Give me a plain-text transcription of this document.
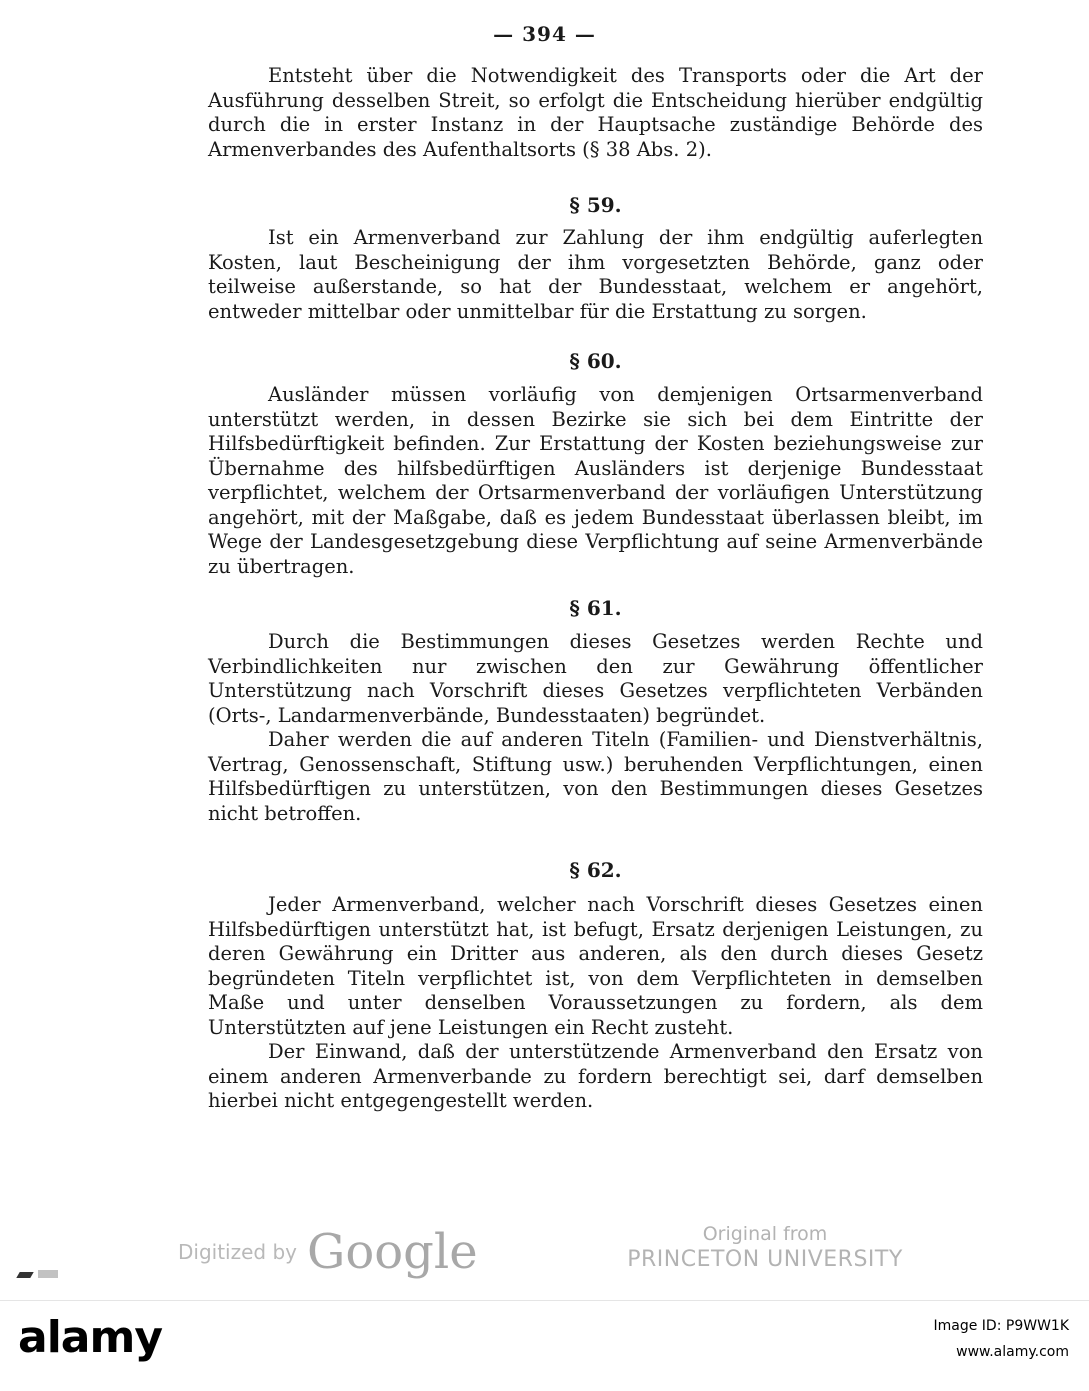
— 394 —

Entsteht über die Notwendigkeit des Transports oder die Art der Ausführung desselben Streit, so erfolgt die Entscheidung hierüber endgültig durch die in erster Instanz in der Hauptsache zuständige Behörde des Armenverbandes des Aufenthaltsorts (§ 38 Abs. 2).

§ 59.

Ist ein Armenverband zur Zahlung der ihm endgültig auferlegten Kosten, laut Bescheinigung der ihm vorgesetzten Behörde, ganz oder teilweise außerstande, so hat der Bundesstaat, welchem er angehört, entweder mittelbar oder unmittelbar für die Erstattung zu sorgen.

§ 60.

Ausländer müssen vorläufig von demjenigen Ortsarmenverband unterstützt werden, in dessen Bezirke sie sich bei dem Eintritte der Hilfsbedürftigkeit befinden. Zur Erstattung der Kosten beziehungsweise zur Übernahme des hilfsbedürftigen Ausländers ist derjenige Bundesstaat verpflichtet, welchem der Ortsarmenverband der vorläufigen Unterstützung angehört, mit der Maßgabe, daß es jedem Bundesstaat überlassen bleibt, im Wege der Landesgesetzgebung diese Verpflichtung auf seine Armenverbände zu übertragen.

§ 61.

Durch die Bestimmungen dieses Gesetzes werden Rechte und Verbindlichkeiten nur zwischen den zur Gewährung öffentlicher Unterstützung nach Vorschrift dieses Gesetzes verpflichteten Verbänden (Orts-, Landarmenverbände, Bundesstaaten) begründet.

Daher werden die auf anderen Titeln (Familien- und Dienstverhältnis, Vertrag, Genossenschaft, Stiftung usw.) beruhenden Verpflichtungen, einen Hilfsbedürftigen zu unterstützen, von den Bestimmungen dieses Gesetzes nicht betroffen.

§ 62.

Jeder Armenverband, welcher nach Vorschrift dieses Gesetzes einen Hilfsbedürftigen unterstützt hat, ist befugt, Ersatz derjenigen Leistungen, zu deren Gewährung ein Dritter aus anderen, als den durch dieses Gesetz begründeten Titeln verpflichtet ist, von dem Verpflichteten in demselben Maße und unter denselben Voraussetzungen zu fordern, als dem Unterstützten auf jene Leistungen ein Recht zusteht.

Der Einwand, daß der unterstützende Armenverband den Ersatz von einem anderen Armenverbande zu fordern berechtigt sei, darf demselben hierbei nicht entgegengestellt werden.

Digitized by Google	Original from
PRINCETON UNIVERSITY
alamy	Image ID: P9WW1K
www.alamy.com
